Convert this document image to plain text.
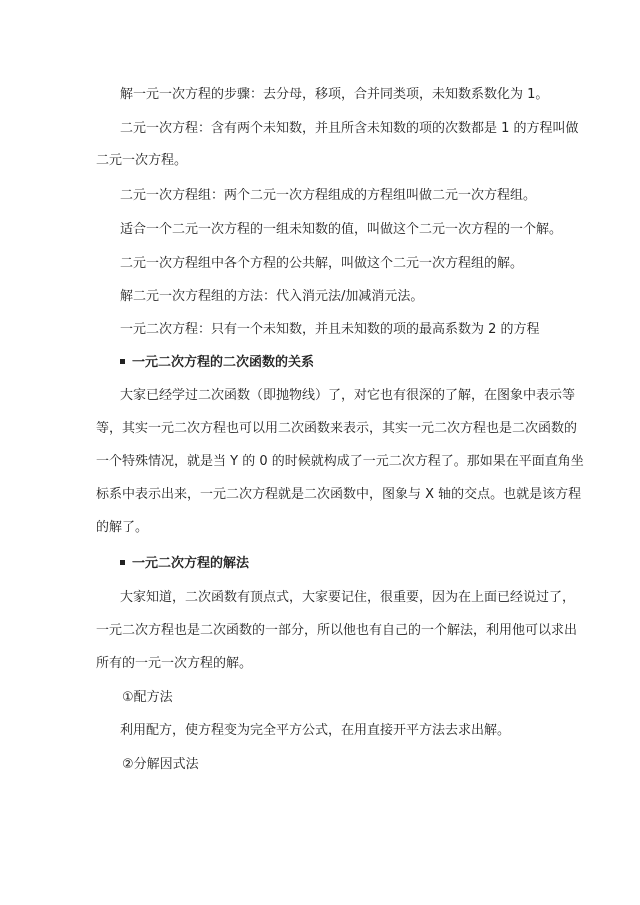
解一元一次方程的步骤：去分母，移项，合并同类项，未知数系数化为 1。
二元一次方程：含有两个未知数，并且所含未知数的项的次数都是 1 的方程叫做
二元一次方程。
二元一次方程组：两个二元一次方程组成的方程组叫做二元一次方程组。
适合一个二元一次方程的一组未知数的值，叫做这个二元一次方程的一个解。
二元一次方程组中各个方程的公共解，叫做这个二元一次方程组的解。
解二元一次方程组的方法：代入消元法/加减消元法。
一元二次方程：只有一个未知数，并且未知数的项的最高系数为 2 的方程
一元二次方程的二次函数的关系
大家已经学过二次函数（即抛物线）了，对它也有很深的了解，在图象中表示等
等，其实一元二次方程也可以用二次函数来表示，其实一元二次方程也是二次函数的
一个特殊情况，就是当 Y 的 0 的时候就构成了一元二次方程了。那如果在平面直角坐
标系中表示出来，一元二次方程就是二次函数中，图象与 X 轴的交点。也就是该方程
的解了。
一元二次方程的解法
大家知道，二次函数有顶点式，大家要记住，很重要，因为在上面已经说过了，
一元二次方程也是二次函数的一部分，所以他也有自己的一个解法，利用他可以求出
所有的一元一次方程的解。
①配方法
利用配方，使方程变为完全平方公式，在用直接开平方法去求出解。
②分解因式法
